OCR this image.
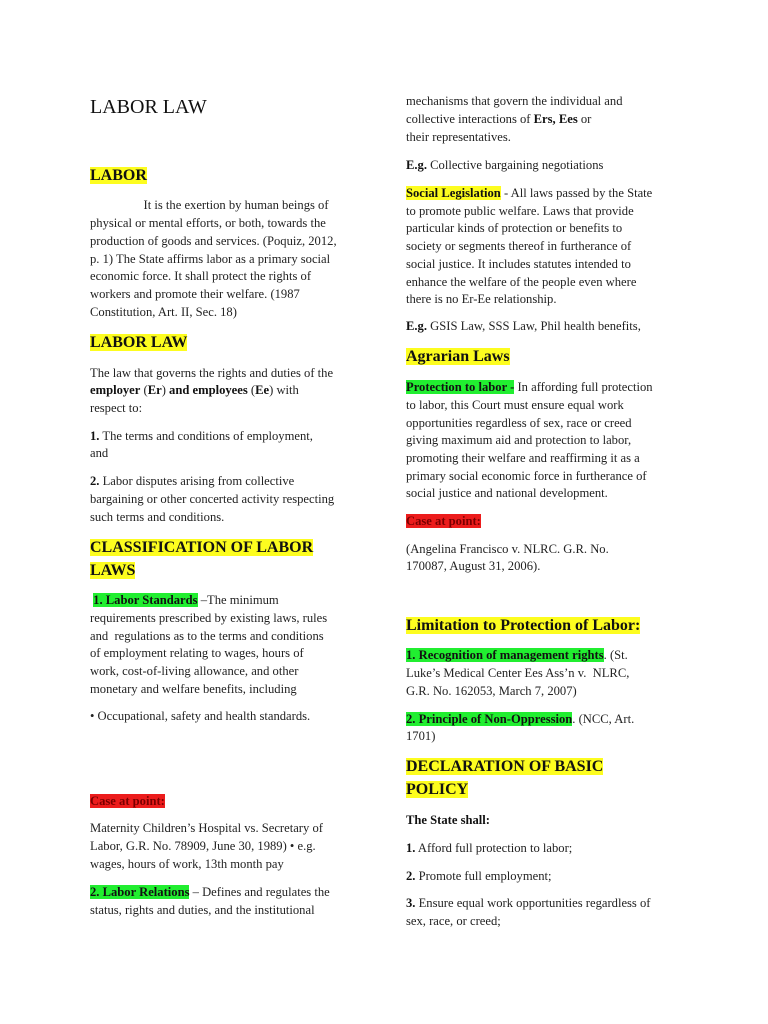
LABOR LAW
LABOR
It is the exertion by human beings of
physical or mental efforts, or both, towards the
production of goods and services. (Poquiz, 2012,
p. 1) The State affirms labor as a primary social
economic force. It shall protect the rights of
workers and promote their welfare. (1987
Constitution, Art. II, Sec. 18)
LABOR LAW
The law that governs the rights and duties of the
employer (Er) and employees (Ee) with
respect to:
1. The terms and conditions of employment,
and
2. Labor disputes arising from collective
bargaining or other concerted activity respecting
such terms and conditions.
CLASSIFICATION OF LABOR
LAWS
1. Labor Standards –The minimum
requirements prescribed by existing laws, rules
and  regulations as to the terms and conditions
of employment relating to wages, hours of
work, cost-of-living allowance, and other
monetary and welfare benefits, including
• Occupational, safety and health standards.
Case at point:
Maternity Children’s Hospital vs. Secretary of
Labor, G.R. No. 78909, June 30, 1989) • e.g.
wages, hours of work, 13th month pay
2. Labor Relations – Defines and regulates the
status, rights and duties, and the institutional
mechanisms that govern the individual and
collective interactions of Ers, Ees or
their representatives.
E.g. Collective bargaining negotiations
Social Legislation - All laws passed by the State
to promote public welfare. Laws that provide
particular kinds of protection or benefits to
society or segments thereof in furtherance of
social justice. It includes statutes intended to
enhance the welfare of the people even where
there is no Er-Ee relationship.
E.g. GSIS Law, SSS Law, Phil health benefits,
Agrarian Laws
Protection to labor - In affording full protection
to labor, this Court must ensure equal work
opportunities regardless of sex, race or creed
giving maximum aid and protection to labor,
promoting their welfare and reaffirming it as a
primary social economic force in furtherance of
social justice and national development.
Case at point:
(Angelina Francisco v. NLRC. G.R. No.
170087, August 31, 2006).
Limitation to Protection of Labor:
1. Recognition of management rights. (St.
Luke’s Medical Center Ees Ass’n v.  NLRC,
G.R. No. 162053, March 7, 2007)
2. Principle of Non-Oppression. (NCC, Art.
1701)
DECLARATION OF BASIC
POLICY
The State shall:
1. Afford full protection to labor;
2. Promote full employment;
3. Ensure equal work opportunities regardless of
sex, race, or creed;
